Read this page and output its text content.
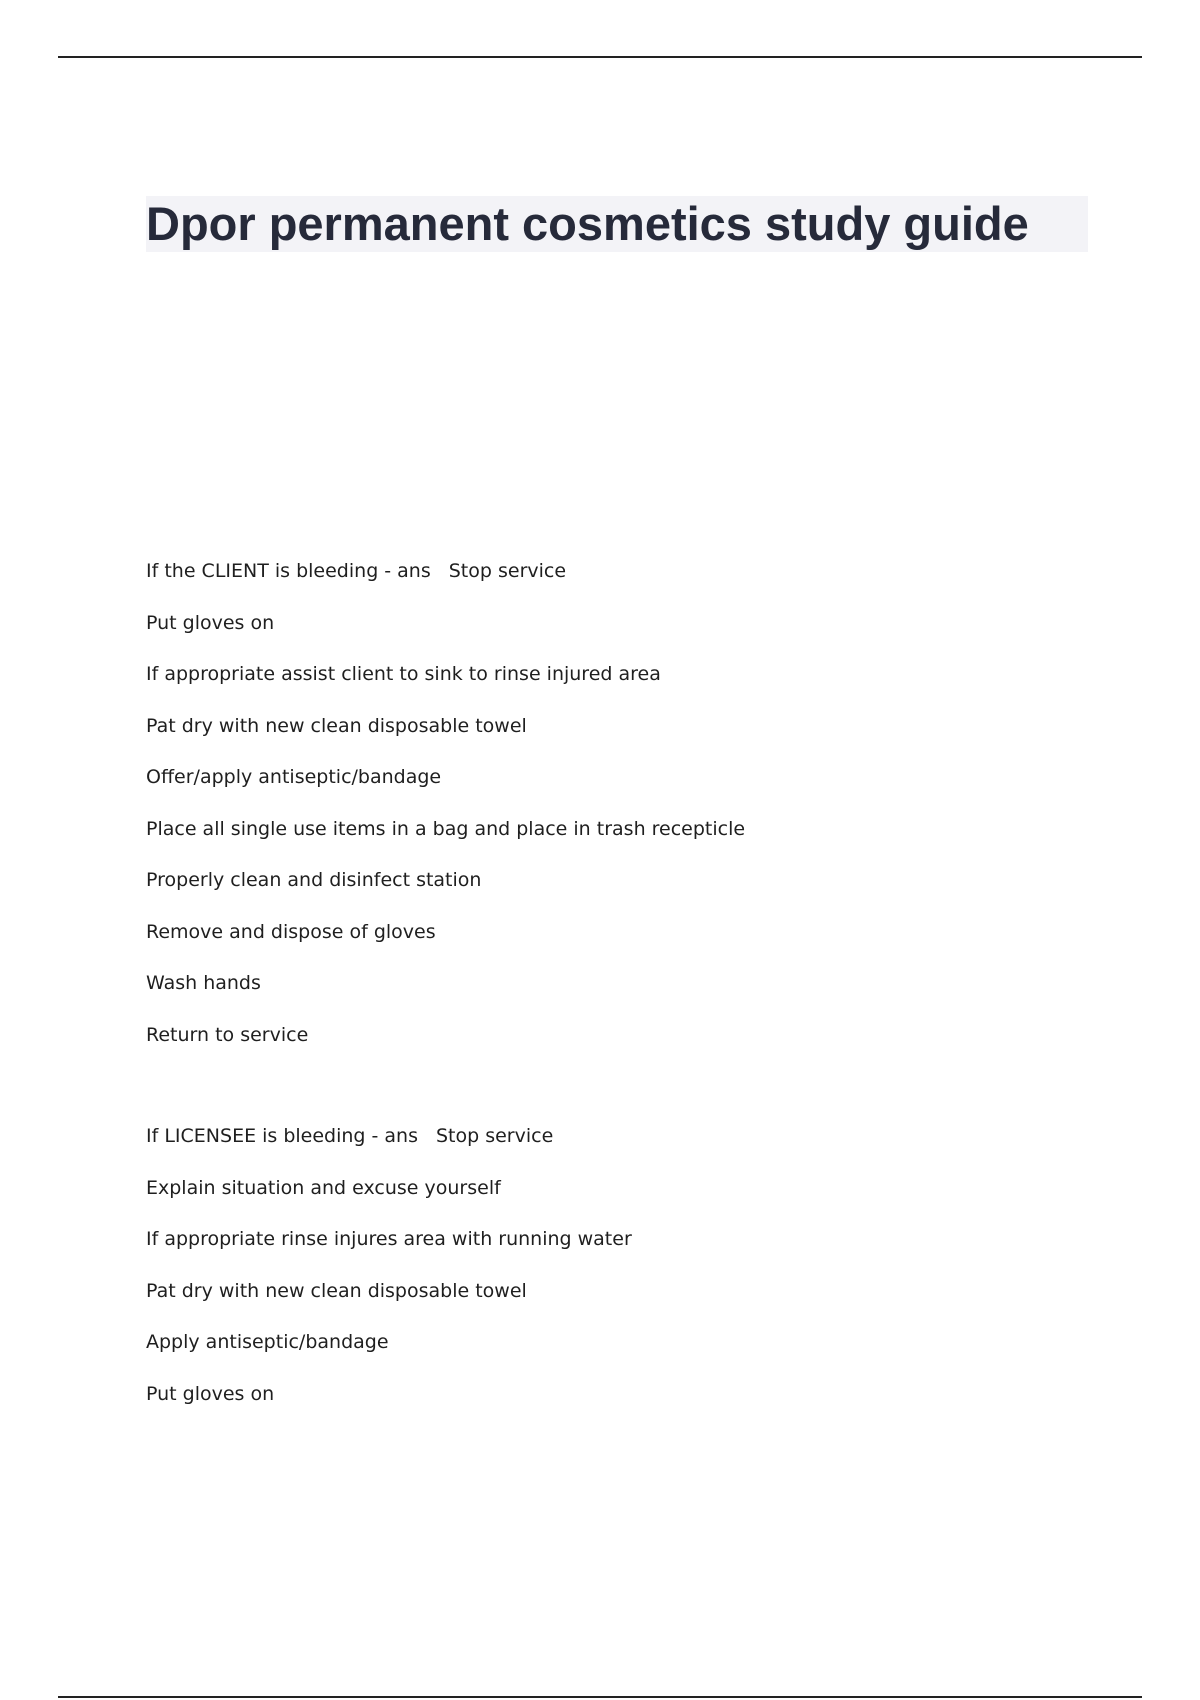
Dpor permanent cosmetics study guide
If the CLIENT is bleeding - ans Stop service
Put gloves on
If appropriate assist client to sink to rinse injured area
Pat dry with new clean disposable towel
Offer/apply antiseptic/bandage
Place all single use items in a bag and place in trash recepticle
Properly clean and disinfect station
Remove and dispose of gloves
Wash hands
Return to service
If LICENSEE is bleeding - ans Stop service
Explain situation and excuse yourself
If appropriate rinse injures area with running water
Pat dry with new clean disposable towel
Apply antiseptic/bandage
Put gloves on
